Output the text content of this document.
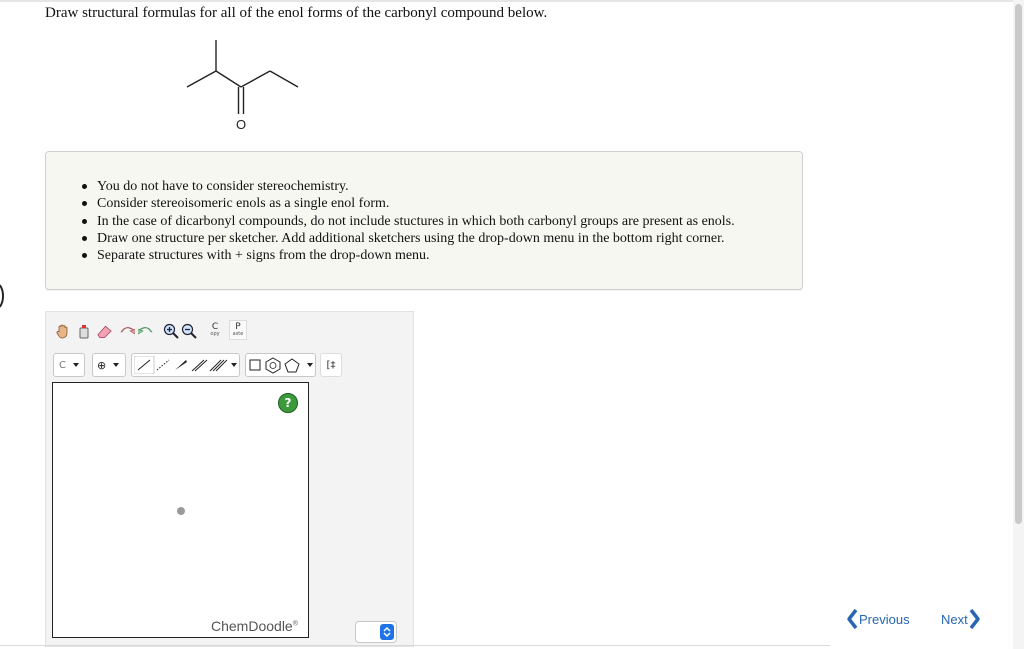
Draw structural formulas for all of the enol forms of the carbonyl compound below.
O
You do not have to consider stereochemistry.
Consider stereoisomeric enols as a single enol form.
In the case of dicarbonyl compounds, do not include stuctures in which both carbonyl groups are present as enols.
Draw one structure per sketcher. Add additional sketchers using the drop-down menu in the bottom right corner.
Separate structures with + signs from the drop-down menu.
C
opy
P
aste
C	⊕	[‡
?
ChemDoodle®	Previous Next
